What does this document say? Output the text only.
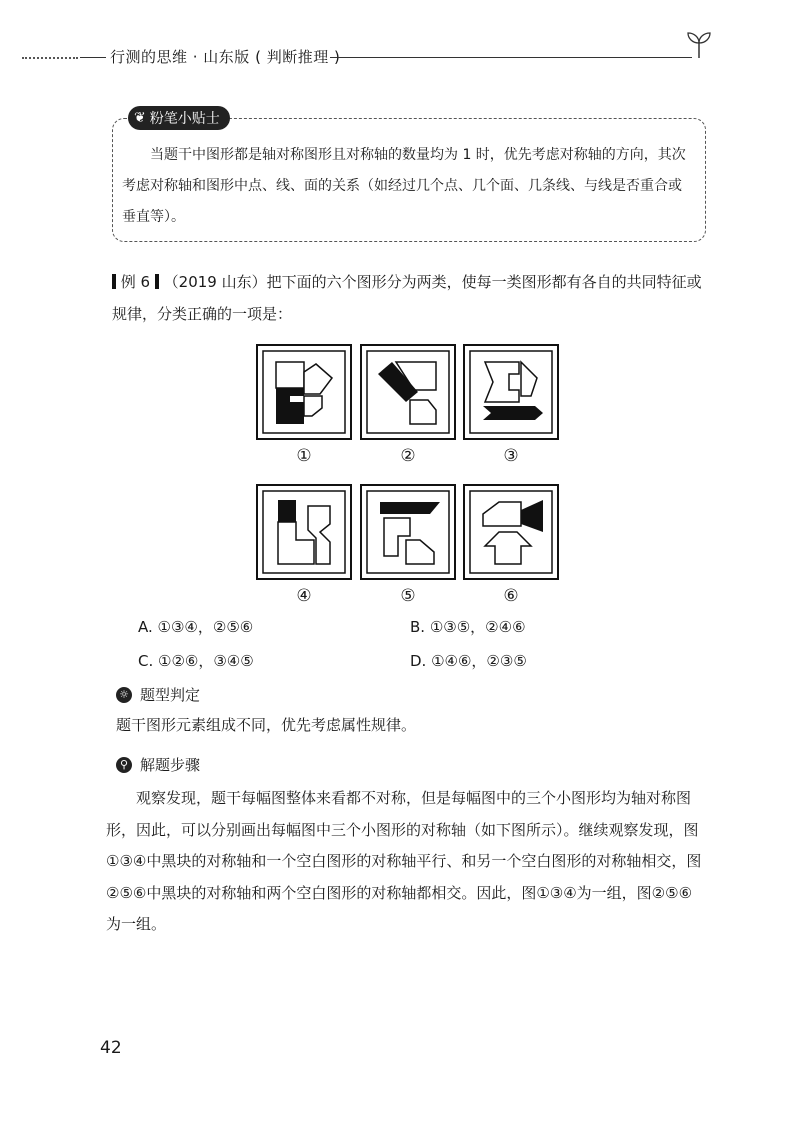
行测的思维 · 山东版 ( 判断推理 )
❦ 粉笔小贴士

当题干中图形都是轴对称图形且对称轴的数量均为 1 时，优先考虑对称轴的方向，其次考虑对称轴和图形中点、线、面的关系（如经过几个点、几个面、几条线、与线是否重合或垂直等）。

例 6 （2019 山东）把下面的六个图形分为两类，使每一类图形都有各自的共同特征或规律，分类正确的一项是：

①	②	③
④	⑤	⑥
A. ①③④，②⑤⑥	B. ①③⑤，②④⑥
C. ①②⑥，③④⑤	D. ①④⑥，②③⑤
☼ 题型判定

题干图形元素组成不同，优先考虑属性规律。

⚲ 解题步骤

观察发现，题干每幅图整体来看都不对称，但是每幅图中的三个小图形均为轴对称图形，因此，可以分别画出每幅图中三个小图形的对称轴（如下图所示）。继续观察发现，图①③④中黑块的对称轴和一个空白图形的对称轴平行、和另一个空白图形的对称轴相交，图②⑤⑥中黑块的对称轴和两个空白图形的对称轴都相交。因此，图①③④为一组，图②⑤⑥为一组。

42
